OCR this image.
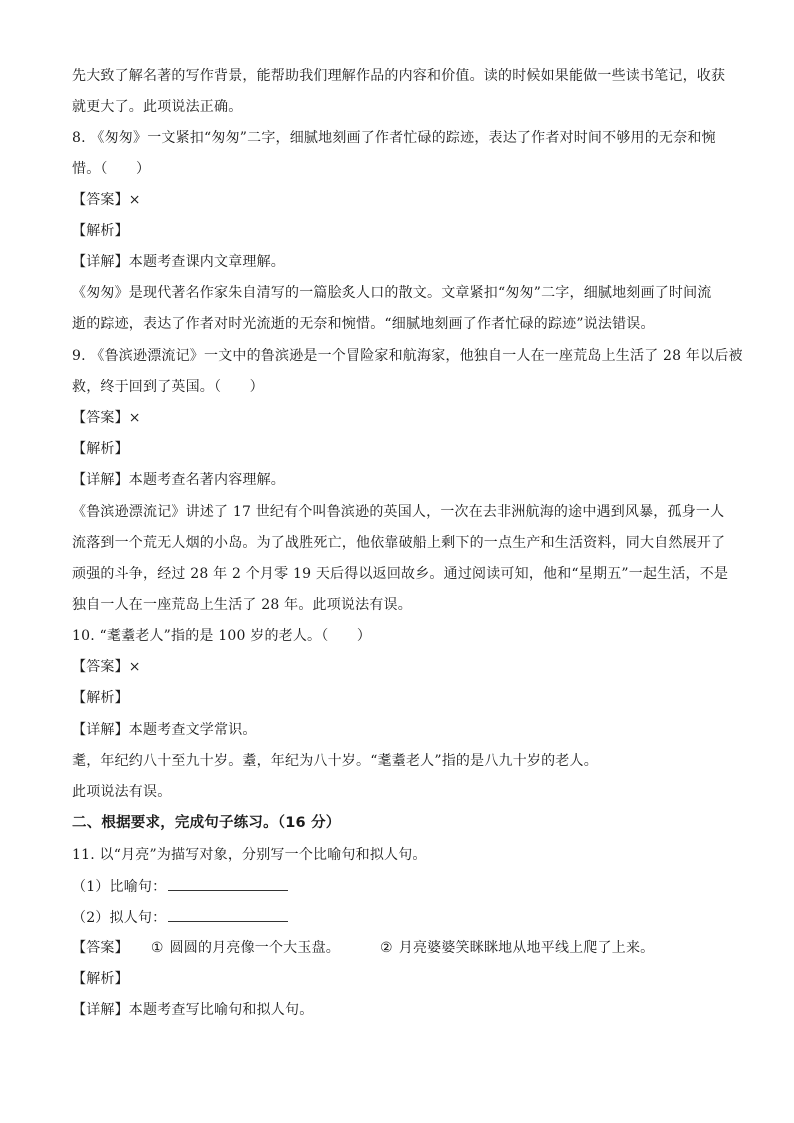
先大致了解名著的写作背景，能帮助我们理解作品的内容和价值。读的时候如果能做一些读书笔记，收获
就更大了。此项说法正确。
8. 《匆匆》一文紧扣“匆匆”二字，细腻地刻画了作者忙碌的踪迹，表达了作者对时间不够用的无奈和惋
惜。（　　）
【答案】×
【解析】
【详解】本题考查课内文章理解。
《匆匆》是现代著名作家朱自清写的一篇脍炙人口的散文。文章紧扣“匆匆”二字，细腻地刻画了时间流
逝的踪迹，表达了作者对时光流逝的无奈和惋惜。“细腻地刻画了作者忙碌的踪迹”说法错误。
9. 《鲁滨逊漂流记》一文中的鲁滨逊是一个冒险家和航海家，他独自一人在一座荒岛上生活了 28 年以后被
救，终于回到了英国。（　　）
【答案】×
【解析】
【详解】本题考查名著内容理解。
《鲁滨逊漂流记》讲述了 17 世纪有个叫鲁滨逊的英国人，一次在去非洲航海的途中遇到风暴，孤身一人
流落到一个荒无人烟的小岛。为了战胜死亡，他依靠破船上剩下的一点生产和生活资料，同大自然展开了
顽强的斗争，经过 28 年 2 个月零 19 天后得以返回故乡。通过阅读可知，他和“星期五”一起生活，不是
独自一人在一座荒岛上生活了 28 年。此项说法有误。
10. “耄耋老人”指的是 100 岁的老人。（　　）
【答案】×
【解析】
【详解】本题考查文学常识。
耄，年纪约八十至九十岁。耋，年纪为八十岁。“耄耋老人”指的是八九十岁的老人。
此项说法有误。
二、根据要求，完成句子练习。（16 分）
11. 以“月亮”为描写对象，分别写一个比喻句和拟人句。
（1）比喻句：
（2）拟人句：
【答案】 ① 圆圆的月亮像一个大玉盘。	② 月亮婆婆笑眯眯地从地平线上爬了上来。
【解析】
【详解】本题考查写比喻句和拟人句。
